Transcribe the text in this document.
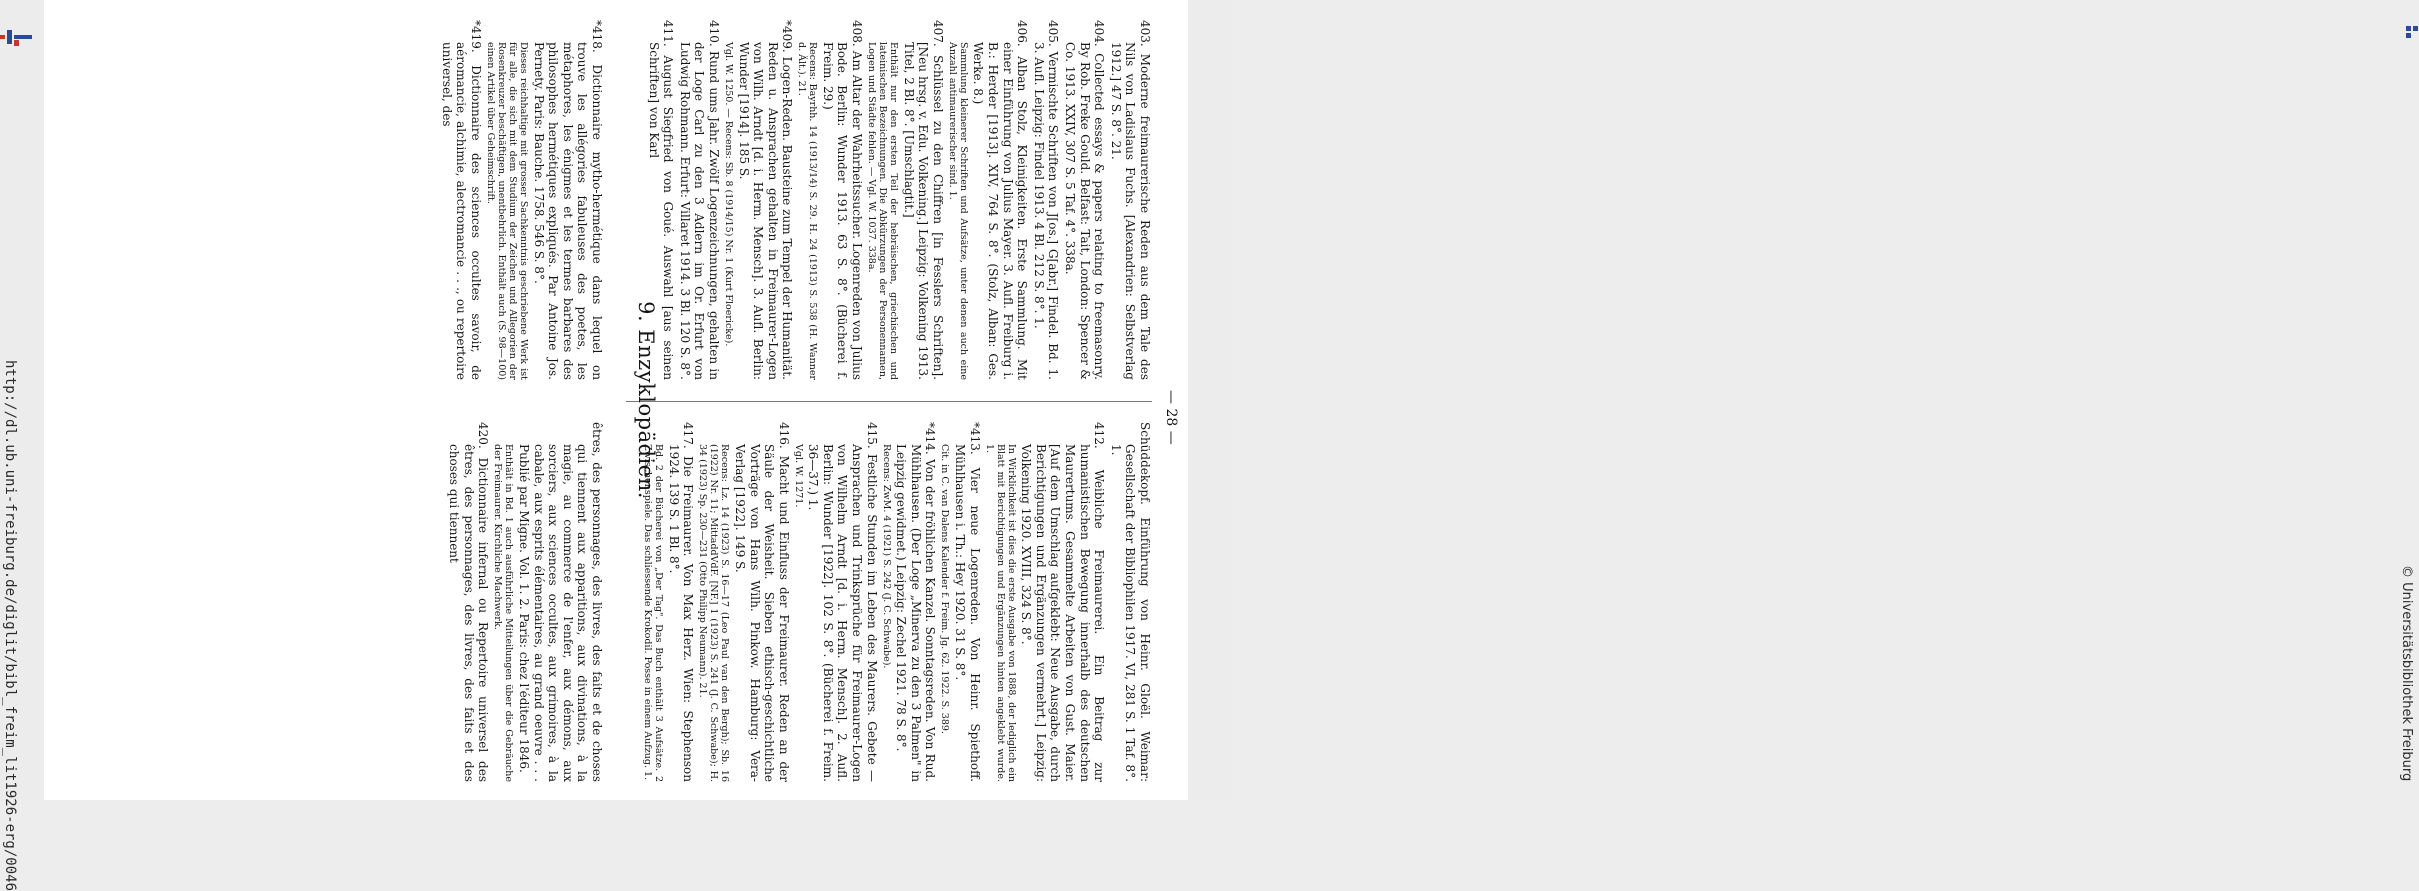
http://dl.ub.uni-freiburg.de/diglit/bibl_freim_lit1926-erg/0046	© Universitätsbibliothek Freiburg
— 28 —
403. Moderne freimaurerische Reden aus dem Tale des Nils von Ladislaus Fuchs. [Alexandrien: Selbstverlag 1912.] 47 S. 8°. 21.
404. Collected essays & papers relating to freemasonry. By Rob. Freke Gould. Belfast: Tait, London: Spencer & Co. 1913. XXIV, 307 S. 5 Taf. 4°. 338a.
405. Vermischte Schriften von J[os.] G[abr.] Findel. Bd. 1. 3. Aufl. Leipzig: Findel 1913. 4 Bl. 212 S. 8°. 1.
406. Alban Stolz, Kleinigkeiten. Erste Sammlung. Mit einer Einführung von Julius Mayer. 3. Aufl. Freiburg i. B.: Herder [1913]. XIV, 764 S. 8°. (Stolz, Alban: Ges. Werke. 8.)
Sammlung kleinerer Schriften und Aufsätze, unter denen auch eine Anzahl antimaurerischer sind. 1.
407. Schlüssel zu den Chiffren [in Fesslers Schriften]. [Neu hrsg. v. Edu. Volkening.] Leipzig: Volkening 1913. Titel, 2 Bl. 8°. [Umschlagtit.]
Enthält nur den ersten Teil der hebräischen, griechischen und lateinischen Bezeichnungen. Die Abkürzungen der Personennamen, Logen und Städte fehlen. — Vgl. W. 1037. 338a.
408. Am Altar der Wahrheitssucher. Logenreden von Julius Bode. Berlin: Wunder 1913. 63 S. 8°. (Bücherei f. Freim. 29.)
Recens: Bayrhh. 14 (1913/14) S. 29. H. 24 (1913) S. 538 (H. Wanner d. Ält.). 21.
*409. Logen-Reden. Bausteine zum Tempel der Humanität. Reden u. Ansprachen gehalten in Freimaurer-Logen von Wilh. Arndt [d. i. Herm. Mensch]. 3. Aufl. Berlin: Wunder [1914]. 185 S.
Vgl. W. 1250. — Recens: Sb. 8 (1914/15) Nr. 1 (Kurt Floericke).
410. Rund ums Jahr. Zwölf Logenzeichnungen, gehalten in der Loge Carl zu den 3 Adlern im Or. Erfurt von Ludwig Rohmann. Erfurt: Villaret 1914. 3 Bl. 120 S. 8°.
411. August Siegfried von Goué. Auswahl [aus seinen Schriften] von Karl
Schüddekopf. Einführung von Heinr. Gloël. Weimar: Gesellschaft der Bibliophilen 1917. VI, 281 S. 1 Taf. 8°. 1.
412. Weibliche Freimaurerei. Ein Beitrag zur humanistischen Bewegung innerhalb des deutschen Maurertums. Gesammelte Arbeiten von Gust. Maier. [Auf dem Umschlag aufgeklebt: Neue Ausgabe, durch Berichtigungen und Ergänzungen vermehrt.] Leipzig: Volkening 1920. XVIII, 324 S. 8°.
In Wirklichkeit ist dies die erste Ausgabe von 1888, der lediglich ein Blatt mit Berichtigungen und Ergänzungen hinten angeklebt wurde. 1.
*413. Vier neue Logenreden. Von Heinr. Spiethoff. Mühlhausen i. Th.: Hey 1920. 31 S. 8°.
Cit. in C. van Dalens Kalender f. Freim. Jg. 62. 1922. S. 389.
*414. Von der fröhlichen Kanzel. Sonntagsreden. Von Rud. Mühlhausen. (Der Loge „Minerva zu den 3 Palmen" in Leipzig gewidmet.) Leipzig: Zechel 1921. 78 S. 8°.
Recens: ZwM. 4 (1921) S. 242 (J. C. Schwabe).
415. Festliche Stunden im Leben des Maurers. Gebete — Ansprachen und Trinksprüche für Freimaurer-Logen von Wilhelm Arndt [d. i. Herm. Mensch]. 2. Aufl. Berlin: Wunder [1922]. 102 S. 8°. (Bücherei f. Freim. 36—37.) 1.
Vgl. W. 1271.
416. Macht und Einfluss der Freimaurer. Reden an der Säule der Weisheit. Sieben ethisch-geschichtliche Vorträge von Hans Wilh. Pinkow. Hamburg: Vera-Verlag [1922]. 149 S.
Recens: Lz. 14 (1923) S. 16—17 (Leo Paul van den Bergh); Sb. 16 (1922) Nr. 11; MittaddVdF. [NF.] 1 (1923) S. 241 (J. C. Schwabe); H. 34 (1923) Sp. 230—231 (Otto Philipp Neumann). 21.
417. Die Freimaurer. Von Max Herz. Wien: Stephenson 1924. 139 S. 1 Bl. 8°.
Bd. 2 der Bücherei von „Der Tag". Das Buch enthält 3 Aufsätze. 2 Zwischenspiele. Das schliessende Krokodil. Posse in einem Aufzug. 1.
9. Enzyklopädien.
*418. Dictionnaire mytho-hermétique dans lequel on trouve les allégories fabuleuses des poetes, les métaphores, les énigmes et les termes barbares des philosophes hermétiques expliqués. Par Antoine Jos. Pernety. Paris: Bauche. 1758. 546 S. 8°.
Dieses reichhaltige mit grosser Sachkenntnis geschriebene Werk ist für alle, die sich mit dem Studium der Zeichen und Allegorien der Rosenkreuzer beschäftigen, unentbehrlich. Enthält auch (S. 98—100) einen Artikel über Geheimschrift.
*419. Dictionnaire des sciences occultes savoir, de aéromancie, alchimie, alectromancie . . ., ou repertoire universel, des
êtres, des personnages, des livres, des faits et de choses qui tiennent aux apparitions, aux divinations, à la magie, au commerce de l'enfer, aux démons, aux sorciers, aux sciences occultes, aux grimoires, à la cabale, aux esprits élémentaires, au grand oeuvre . . . Publié par Migne. Vol. 1. 2. Paris: chez l'éditeur 1846.
Enthält in Bd. 1 auch ausführliche Mitteilungen über die Gebräuche der Freimaurer. Kirchliche Machwerk.
420. Dictionnaire infernal ou Repertoire universel des êtres, des personnages, des livres, des faits et des choses qui tiennent
